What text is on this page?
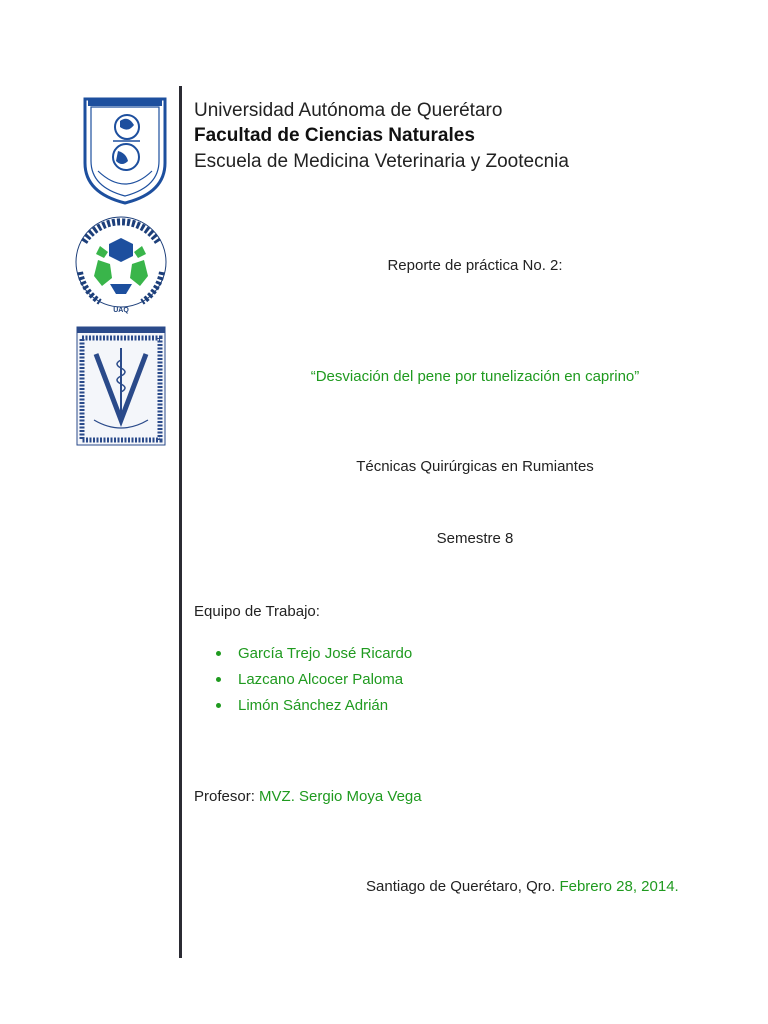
UAQ
Universidad Autónoma de Querétaro
Facultad de Ciencias Naturales
Escuela de Medicina Veterinaria y Zootecnia
Reporte de práctica No. 2:
“Desviación del pene por tunelización en caprino”
Técnicas Quirúrgicas en Rumiantes
Semestre 8
Equipo de Trabajo:
García Trejo José Ricardo
Lazcano Alcocer Paloma
Limón Sánchez Adrián
Profesor: MVZ. Sergio Moya Vega
Santiago de Querétaro, Qro. Febrero 28, 2014.
